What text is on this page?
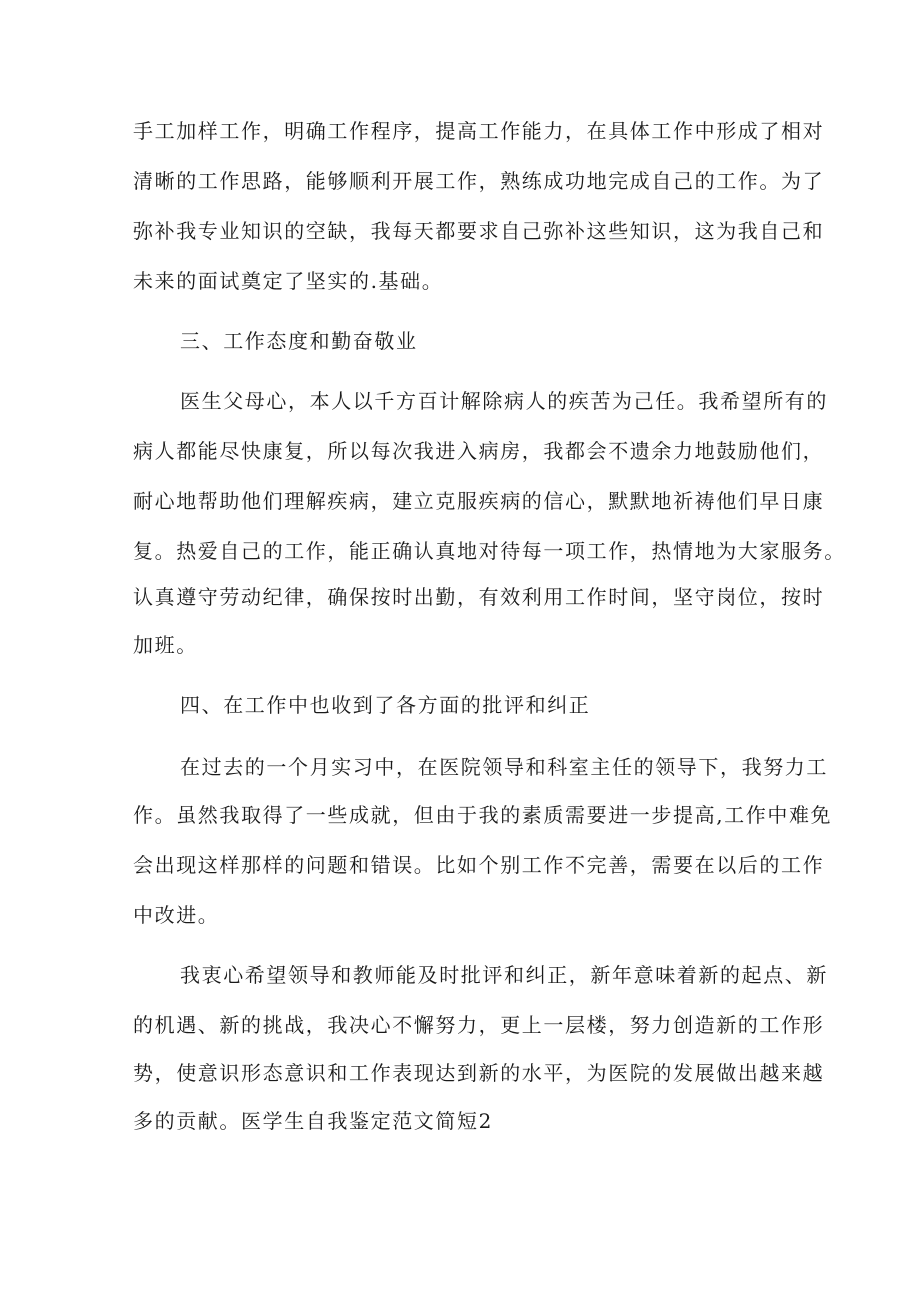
手工加样工作，明确工作程序，提高工作能力，在具体工作中形成了相对
清晰的工作思路，能够顺利开展工作，熟练成功地完成自己的工作。为了
弥补我专业知识的空缺，我每天都要求自己弥补这些知识，这为我自己和
未来的面试奠定了坚实的.基础。
三、工作态度和勤奋敬业
医生父母心，本人以千方百计解除病人的疾苦为己任。我希望所有的
病人都能尽快康复，所以每次我进入病房，我都会不遗余力地鼓励他们，
耐心地帮助他们理解疾病，建立克服疾病的信心，默默地祈祷他们早日康
复。热爱自己的工作，能正确认真地对待每一项工作，热情地为大家服务。
认真遵守劳动纪律，确保按时出勤，有效利用工作时间，坚守岗位，按时
加班。
四、在工作中也收到了各方面的批评和纠正
在过去的一个月实习中，在医院领导和科室主任的领导下，我努力工
作。虽然我取得了一些成就，但由于我的素质需要进一步提高,工作中难免
会出现这样那样的问题和错误。比如个别工作不完善，需要在以后的工作
中改进。
我衷心希望领导和教师能及时批评和纠正，新年意味着新的起点、新
的机遇、新的挑战，我决心不懈努力，更上一层楼，努力创造新的工作形
势，使意识形态意识和工作表现达到新的水平，为医院的发展做出越来越
多的贡献。医学生自我鉴定范文简短2
